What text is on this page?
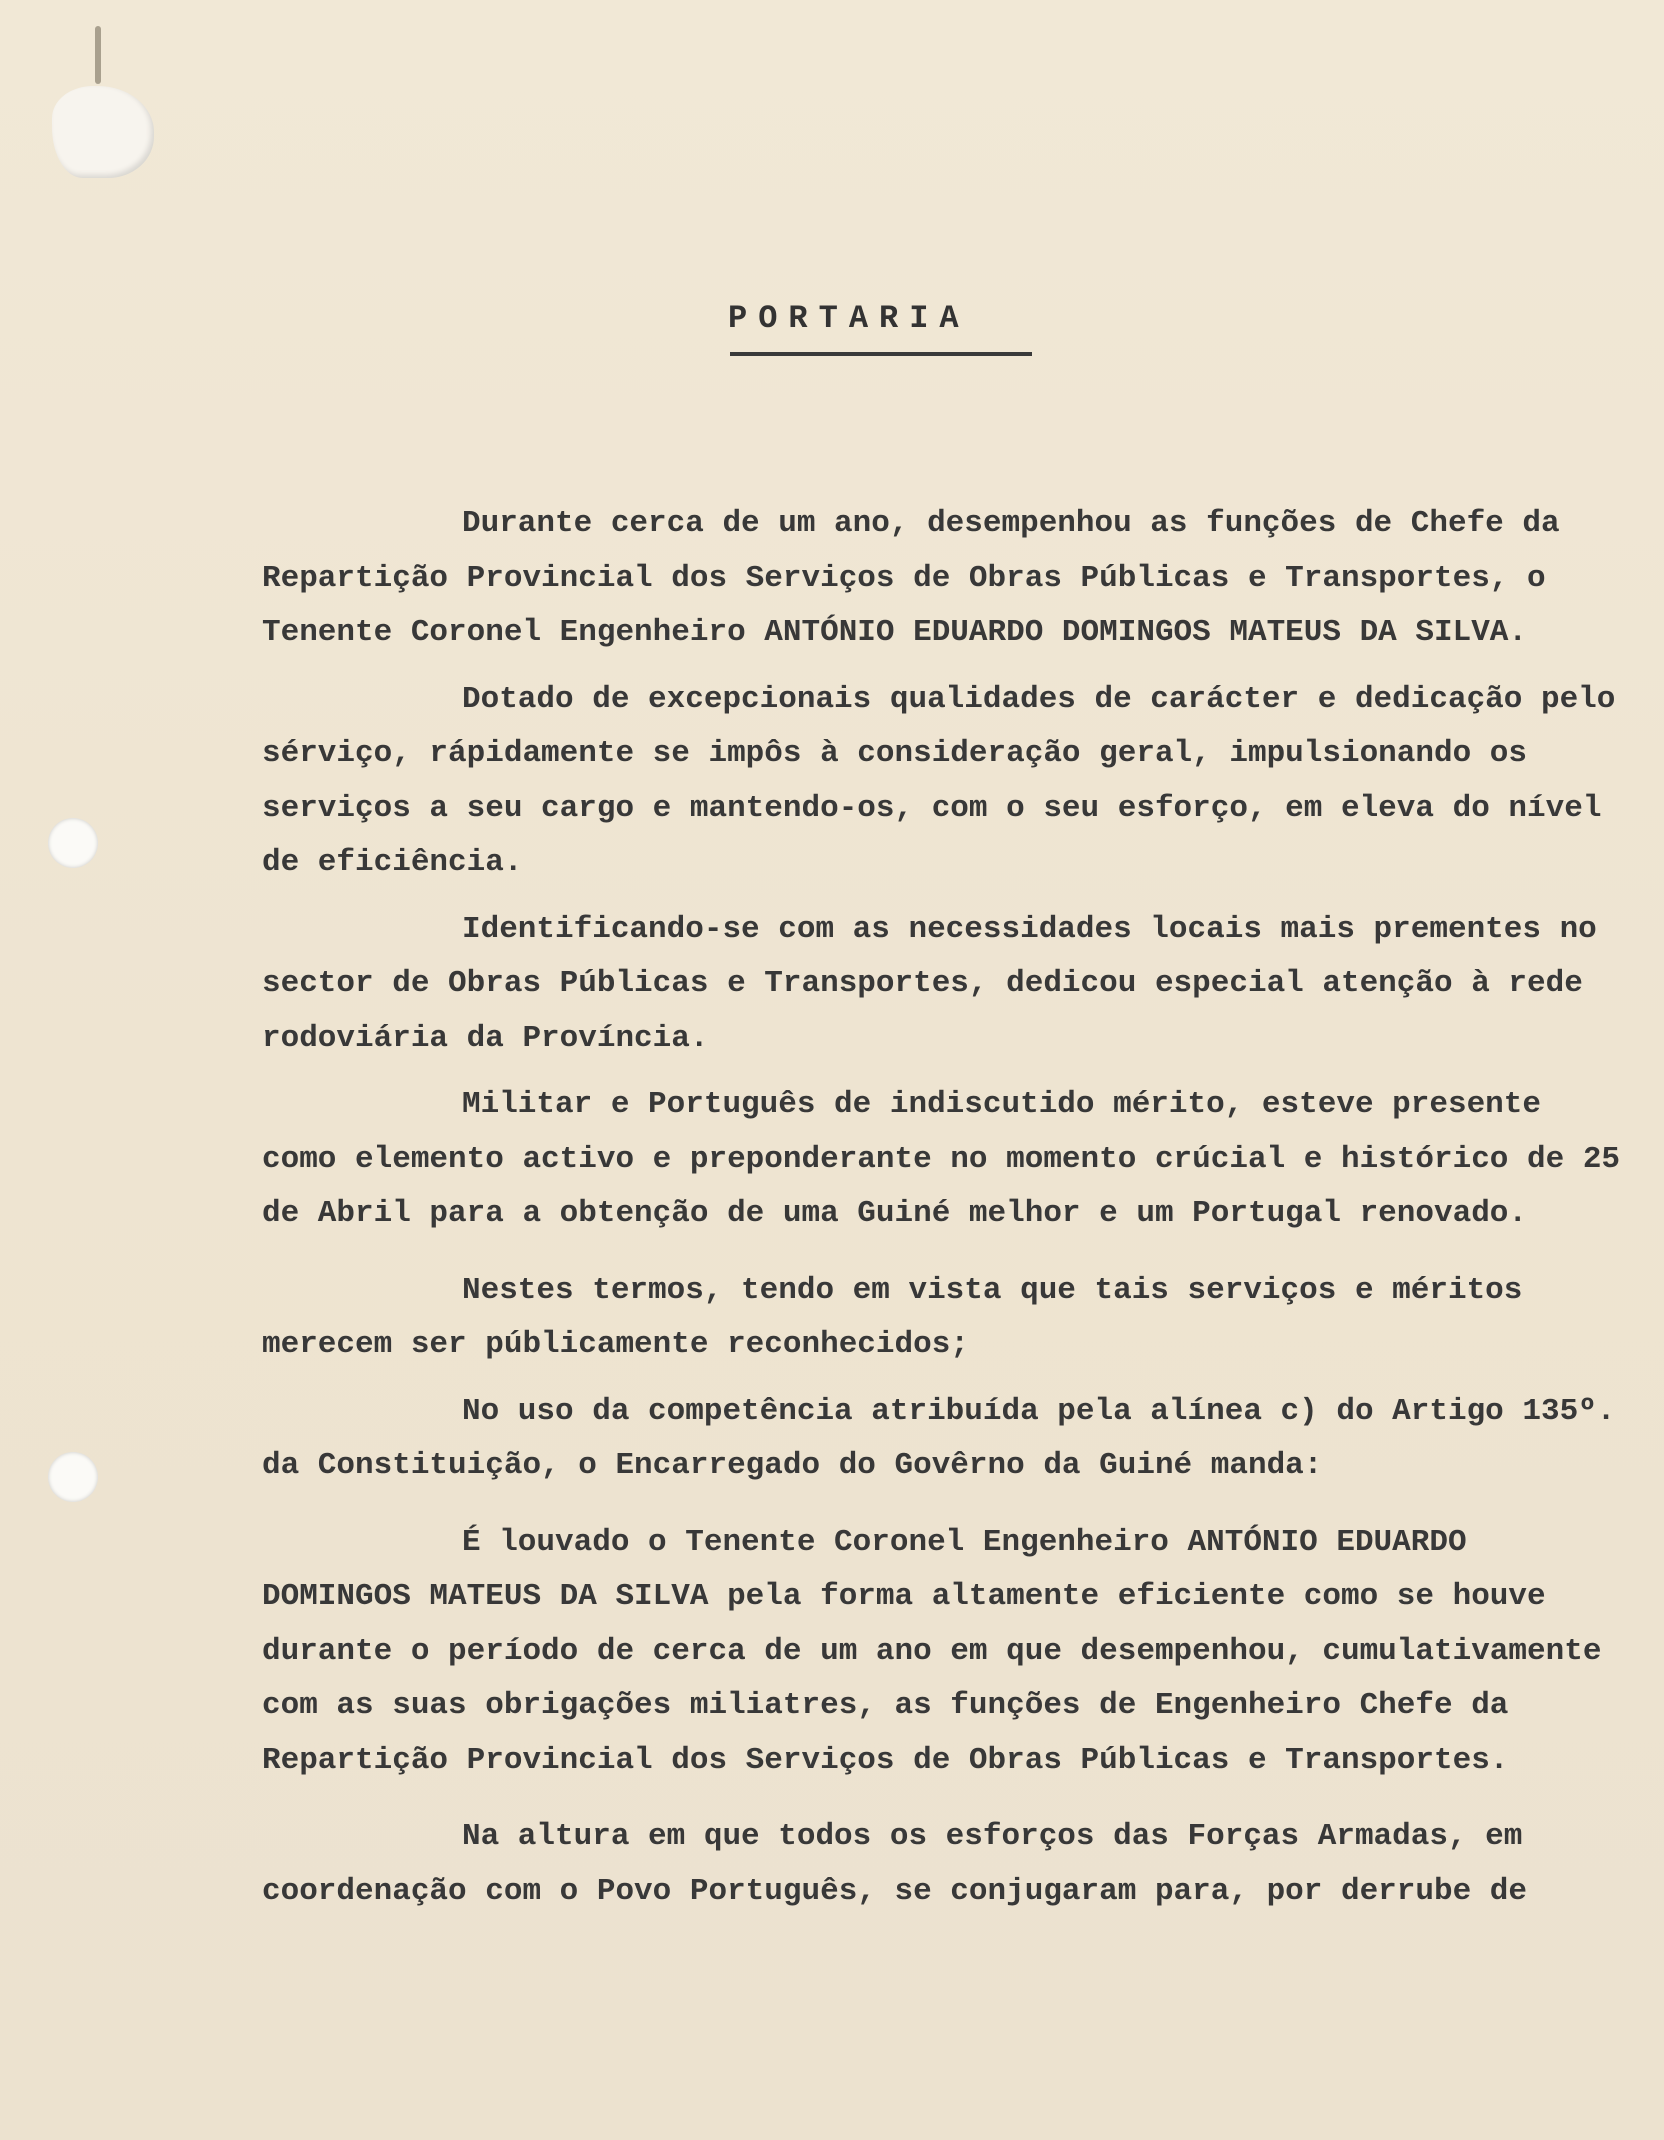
PORTARIA

Durante cerca de um ano, desempenhou as funções de Chefe da Repartição Provincial dos Serviços de Obras Públicas e Transportes, o Tenente Coronel Engenheiro ANTÓNIO EDUARDO DOMINGOS MATEUS DA SILVA.

Dotado de excepcionais qualidades de carácter e dedicação pelo sérviço, rápidamente se impôs à consideração geral, impulsionando os serviços a seu cargo e mantendo-os, com o seu esforço, em eleva do nível de eficiência.

Identificando-se com as necessidades locais mais prementes no sector de Obras Públicas e Transportes, dedicou especial atenção à rede rodoviária da Província.

Militar e Português de indiscutido mérito, esteve presente como elemento activo e preponderante no momento crúcial e histórico de 25 de Abril para a obtenção de uma Guiné melhor e um Portugal renovado.

Nestes termos, tendo em vista que tais serviços e méritos merecem ser públicamente reconhecidos;

No uso da competência atribuída pela alínea c) do Artigo 135º. da Constituição, o Encarregado do Govêrno da Guiné manda:

É louvado o Tenente Coronel Engenheiro ANTÓNIO EDUARDO DOMINGOS MATEUS DA SILVA pela forma altamente eficiente como se houve durante o período de cerca de um ano em que desempenhou, cumulativamente com as suas obrigações miliatres, as funções de Engenheiro Chefe da Repartição Provincial dos Serviços de Obras Públicas e Transportes.

Na altura em que todos os esforços das Forças Armadas, em coordenação com o Povo Português, se conjugaram para, por derrube de
